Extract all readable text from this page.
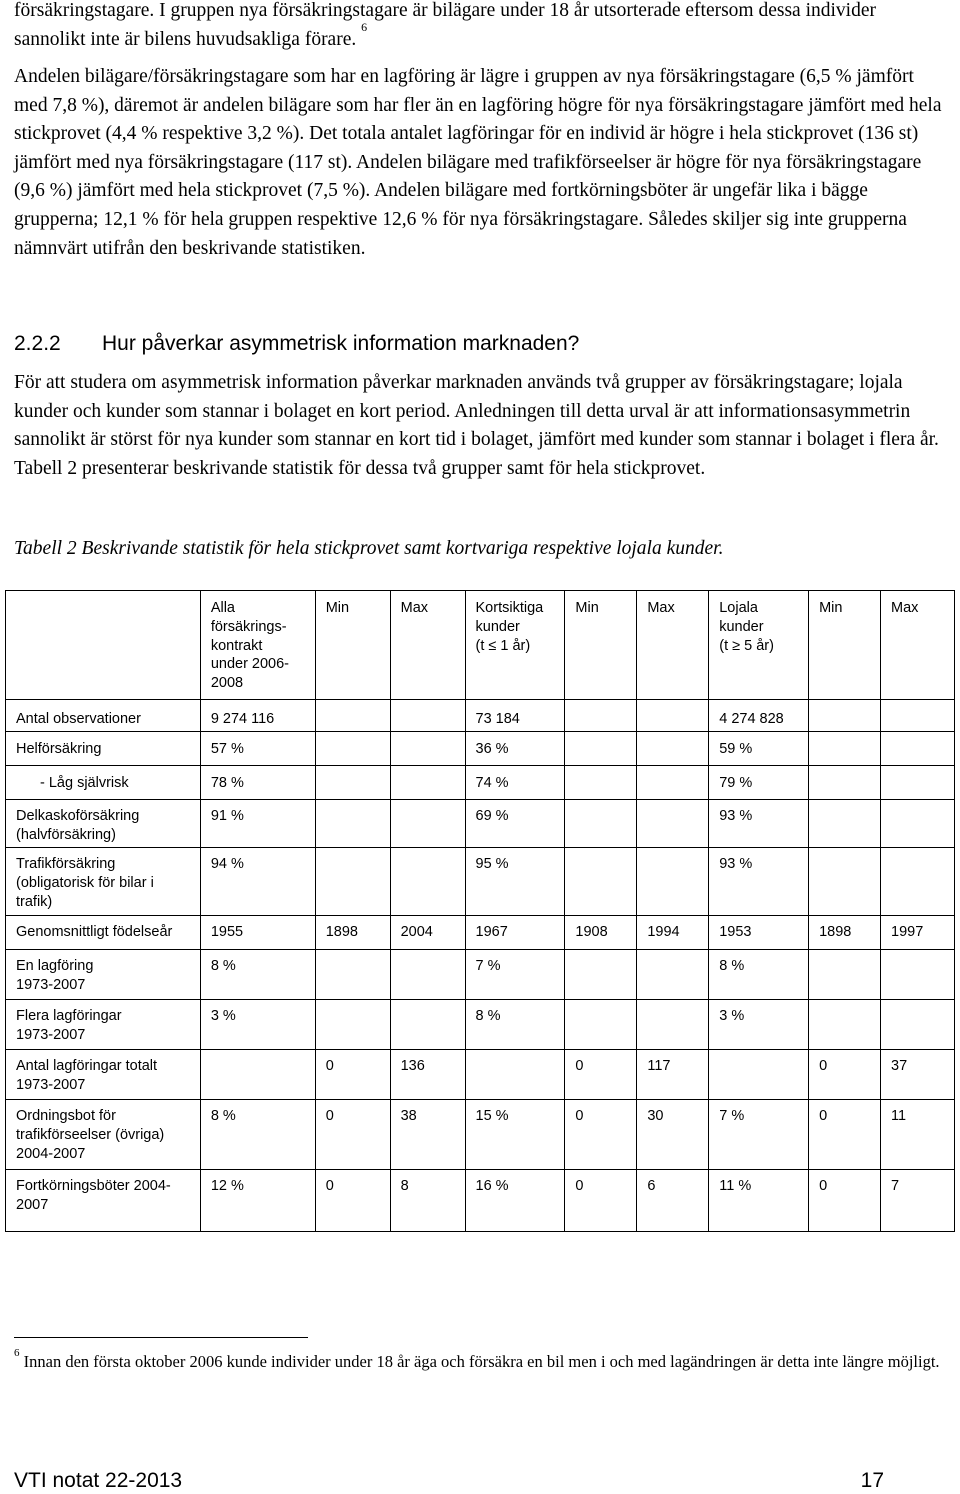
försäkringstagare. I gruppen nya försäkringstagare är bilägare under 18 år utsorterade eftersom dessa individer sannolikt inte är bilens huvudsakliga förare. $^6$

Andelen bilägare/försäkringstagare som har en lagföring är lägre i gruppen av nya försäkringstagare (6,5 % jämfört med 7,8 %), däremot är andelen bilägare som har fler än en lagföring högre för nya försäkringstagare jämfört med hela stickprovet (4,4 % respektive 3,2 %). Det totala antalet lagföringar för en individ är högre i hela stickprovet (136 st) jämfört med nya försäkringstagare (117 st). Andelen bilägare med trafikförseelser är högre för nya försäkringstagare (9,6 %) jämfört med hela stickprovet (7,5 %). Andelen bilägare med fortkörningsböter är ungefär lika i bägge grupperna; 12,1 % för hela gruppen respektive 12,6 % för nya försäkringstagare. Således skiljer sig inte grupperna nämnvärt utifrån den beskrivande statistiken.

2.2.2 Hur påverkar asymmetrisk information marknaden?

För att studera om asymmetrisk information påverkar marknaden används två grupper av försäkringstagare; lojala kunder och kunder som stannar i bolaget en kort period. Anledningen till detta urval är att informationsasymmetrin sannolikt är störst för nya kunder som stannar en kort tid i bolaget, jämfört med kunder som stannar i bolaget i flera år. Tabell 2 presenterar beskrivande statistik för dessa två grupper samt för hela stickprovet.

Tabell 2 Beskrivande statistik för hela stickprovet samt kortvariga respektive lojala kunder.

	Alla
försäkrings-
kontrakt
under 2006-
2008	Min	Max	Kortsiktiga
kunder
(t ≤ 1 år)	Min	Max	Lojala
kunder
(t ≥ 5 år)	Min	Max

Antal observationer	9 274 116			73 184			4 274 828		

Helförsäkring	57 %			36 %			59 %		

- Låg självrisk	78 %			74 %			79 %		

Delkaskoförsäkring
(halvförsäkring)	91 %			69 %			93 %		

Trafikförsäkring
(obligatorisk för bilar i
trafik)	94 %			95 %			93 %		

Genomsnittligt födelseår	1955	1898	2004	1967	1908	1994	1953	1898	1997

En lagföring
1973-2007	8 %			7 %			8 %		

Flera lagföringar
1973-2007	3 %			8 %			3 %		

Antal lagföringar totalt
1973-2007		0	136		0	117		0	37

Ordningsbot för
trafikförseelser (övriga)
2004-2007	8 %	0	38	15 %	0	30	7 %	0	11

Fortkörningsböter 2004-
2007	12 %	0	8	16 %	0	6	11 %	0	7

$^6$ Innan den första oktober 2006 kunde individer under 18 år äga och försäkra en bil men i och med lagändringen är detta inte längre möjligt.

VTI notat 22-2013	17
